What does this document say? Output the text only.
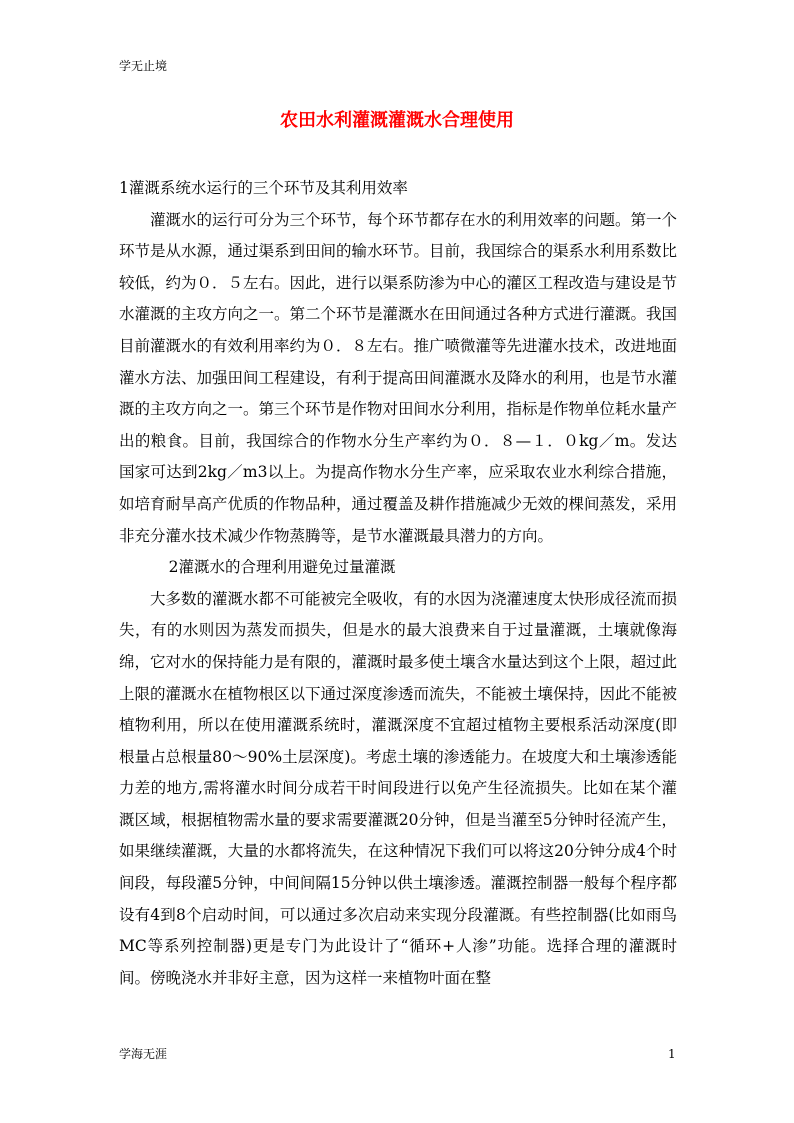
学无止境
农田水利灌溉灌溉水合理使用

1灌溉系统水运行的三个环节及其利用效率

灌溉水的运行可分为三个环节，每个环节都存在水的利用效率的问题。第一个环节是从水源，通过渠系到田间的输水环节。目前，我国综合的渠系水利用系数比较低，约为０．５左右。因此，进行以渠系防渗为中心的灌区工程改造与建设是节水灌溉的主攻方向之一。第二个环节是灌溉水在田间通过各种方式进行灌溉。我国目前灌溉水的有效利用率约为０．８左右。推广喷微灌等先进灌水技术，改进地面灌水方法、加强田间工程建设，有利于提高田间灌溉水及降水的利用，也是节水灌溉的主攻方向之一。第三个环节是作物对田间水分利用，指标是作物单位耗水量产出的粮食。目前，我国综合的作物水分生产率约为０．８—１．０kg／m。发达国家可达到2kg／m3以上。为提高作物水分生产率，应采取农业水利综合措施，如培育耐旱高产优质的作物品种，通过覆盖及耕作措施减少无效的棵间蒸发，采用非充分灌水技术减少作物蒸腾等，是节水灌溉最具潜力的方向。

2灌溉水的合理利用避免过量灌溉

大多数的灌溉水都不可能被完全吸收，有的水因为浇灌速度太快形成径流而损失，有的水则因为蒸发而损失，但是水的最大浪费来自于过量灌溉，土壤就像海绵，它对水的保持能力是有限的，灌溉时最多使土壤含水量达到这个上限，超过此上限的灌溉水在植物根区以下通过深度渗透而流失，不能被土壤保持，因此不能被植物利用，所以在使用灌溉系统时，灌溉深度不宜超过植物主要根系活动深度(即根量占总根量80～90%土层深度)。考虑土壤的渗透能力。在坡度大和土壤渗透能力差的地方,需将灌水时间分成若干时间段进行以免产生径流损失。比如在某个灌溉区域，根据植物需水量的要求需要灌溉20分钟，但是当灌至5分钟时径流产生，如果继续灌溉，大量的水都将流失，在这种情况下我们可以将这20分钟分成4个时间段，每段灌5分钟，中间间隔15分钟以供土壤渗透。灌溉控制器一般每个程序都设有4到8个启动时间，可以通过多次启动来实现分段灌溉。有些控制器(比如雨鸟MC等系列控制器)更是专门为此设计了“循环+人渗”功能。选择合理的灌溉时间。傍晚浇水并非好主意，因为这样一来植物叶面在整

学海无涯	1
